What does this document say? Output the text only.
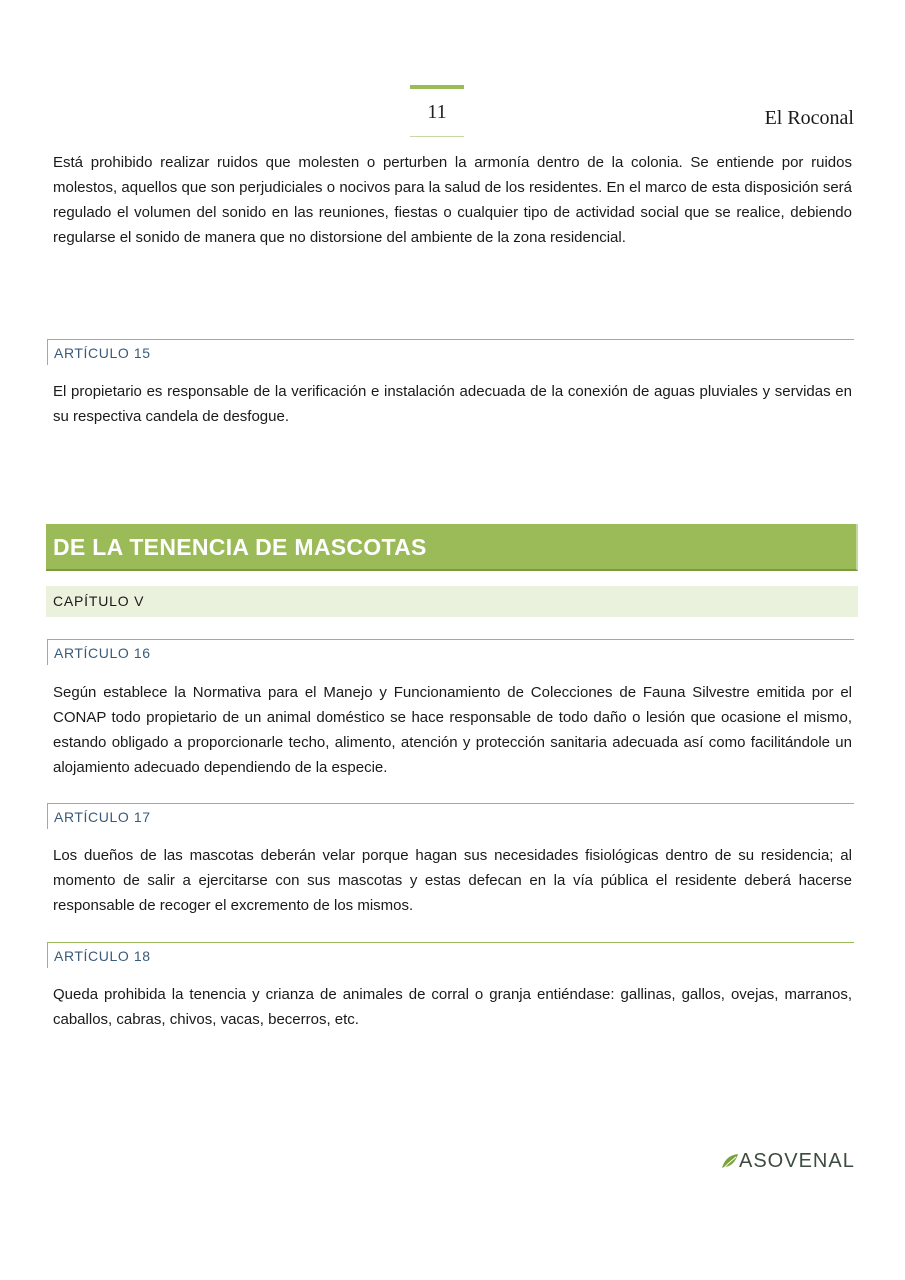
11	El Roconal

Está prohibido realizar ruidos que molesten o perturben la armonía dentro de la colonia. Se entiende por ruidos molestos, aquellos que son perjudiciales o nocivos para la salud de los residentes. En el marco de esta disposición será regulado el volumen del sonido en las reuniones, fiestas o cualquier tipo de actividad social que se realice, debiendo regularse el sonido de manera que no distorsione del ambiente de la zona residencial.

ARTÍCULO 15

El propietario es responsable de la verificación e instalación adecuada de la conexión de aguas pluviales y servidas en su respectiva candela de desfogue.

DE LA TENENCIA DE MASCOTAS
CAPÍTULO V
ARTÍCULO 16

Según establece la Normativa para el Manejo y Funcionamiento de Colecciones de Fauna Silvestre emitida por el CONAP todo propietario de un animal doméstico se hace responsable de todo daño o lesión que ocasione el mismo, estando obligado a proporcionarle techo, alimento, atención y protección sanitaria adecuada así como facilitándole un alojamiento adecuado dependiendo de la especie.

ARTÍCULO 17

Los dueños de las mascotas deberán velar porque hagan sus necesidades fisiológicas dentro de su residencia; al momento de salir a ejercitarse con sus mascotas y estas defecan en la vía pública el residente deberá hacerse responsable de recoger el excremento de los mismos.

ARTÍCULO 18

Queda prohibida la tenencia y crianza de animales de corral o granja entiéndase: gallinas, gallos, ovejas, marranos, caballos, cabras, chivos, vacas, becerros, etc.

ASOVENAL
